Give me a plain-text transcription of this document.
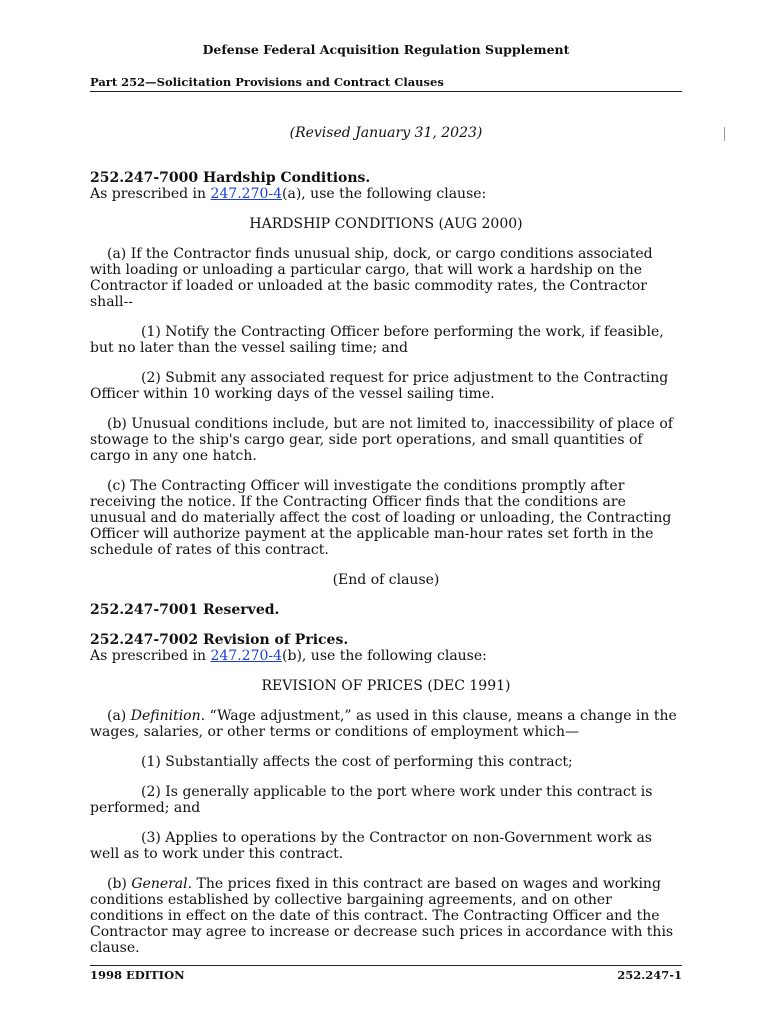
Defense Federal Acquisition Regulation Supplement
Part 252—Solicitation Provisions and Contract Clauses
(Revised January 31, 2023)

252.247-7000 Hardship Conditions.

As prescribed in 247.270-4(a), use the following clause:

HARDSHIP CONDITIONS (AUG 2000)

(a) If the Contractor finds unusual ship, dock, or cargo conditions associated with loading or unloading a particular cargo, that will work a hardship on the Contractor if loaded or unloaded at the basic commodity rates, the Contractor shall--

(1) Notify the Contracting Officer before performing the work, if feasible, but no later than the vessel sailing time; and

(2) Submit any associated request for price adjustment to the Contracting Officer within 10 working days of the vessel sailing time.

(b) Unusual conditions include, but are not limited to, inaccessibility of place of stowage to the ship's cargo gear, side port operations, and small quantities of cargo in any one hatch.

(c) The Contracting Officer will investigate the conditions promptly after receiving the notice. If the Contracting Officer finds that the conditions are unusual and do materially affect the cost of loading or unloading, the Contracting Officer will authorize payment at the applicable man-hour rates set forth in the schedule of rates of this contract.

(End of clause)

252.247-7001 Reserved.

252.247-7002 Revision of Prices.

As prescribed in 247.270-4(b), use the following clause:

REVISION OF PRICES (DEC 1991)

(a) Definition. “Wage adjustment,” as used in this clause, means a change in the wages, salaries, or other terms or conditions of employment which—

(1) Substantially affects the cost of performing this contract;

(2) Is generally applicable to the port where work under this contract is performed; and

(3) Applies to operations by the Contractor on non-Government work as well as to work under this contract.

(b) General. The prices fixed in this contract are based on wages and working conditions established by collective bargaining agreements, and on other conditions in effect on the date of this contract. The Contracting Officer and the Contractor may agree to increase or decrease such prices in accordance with this clause.

1998 EDITION	252.247-1
